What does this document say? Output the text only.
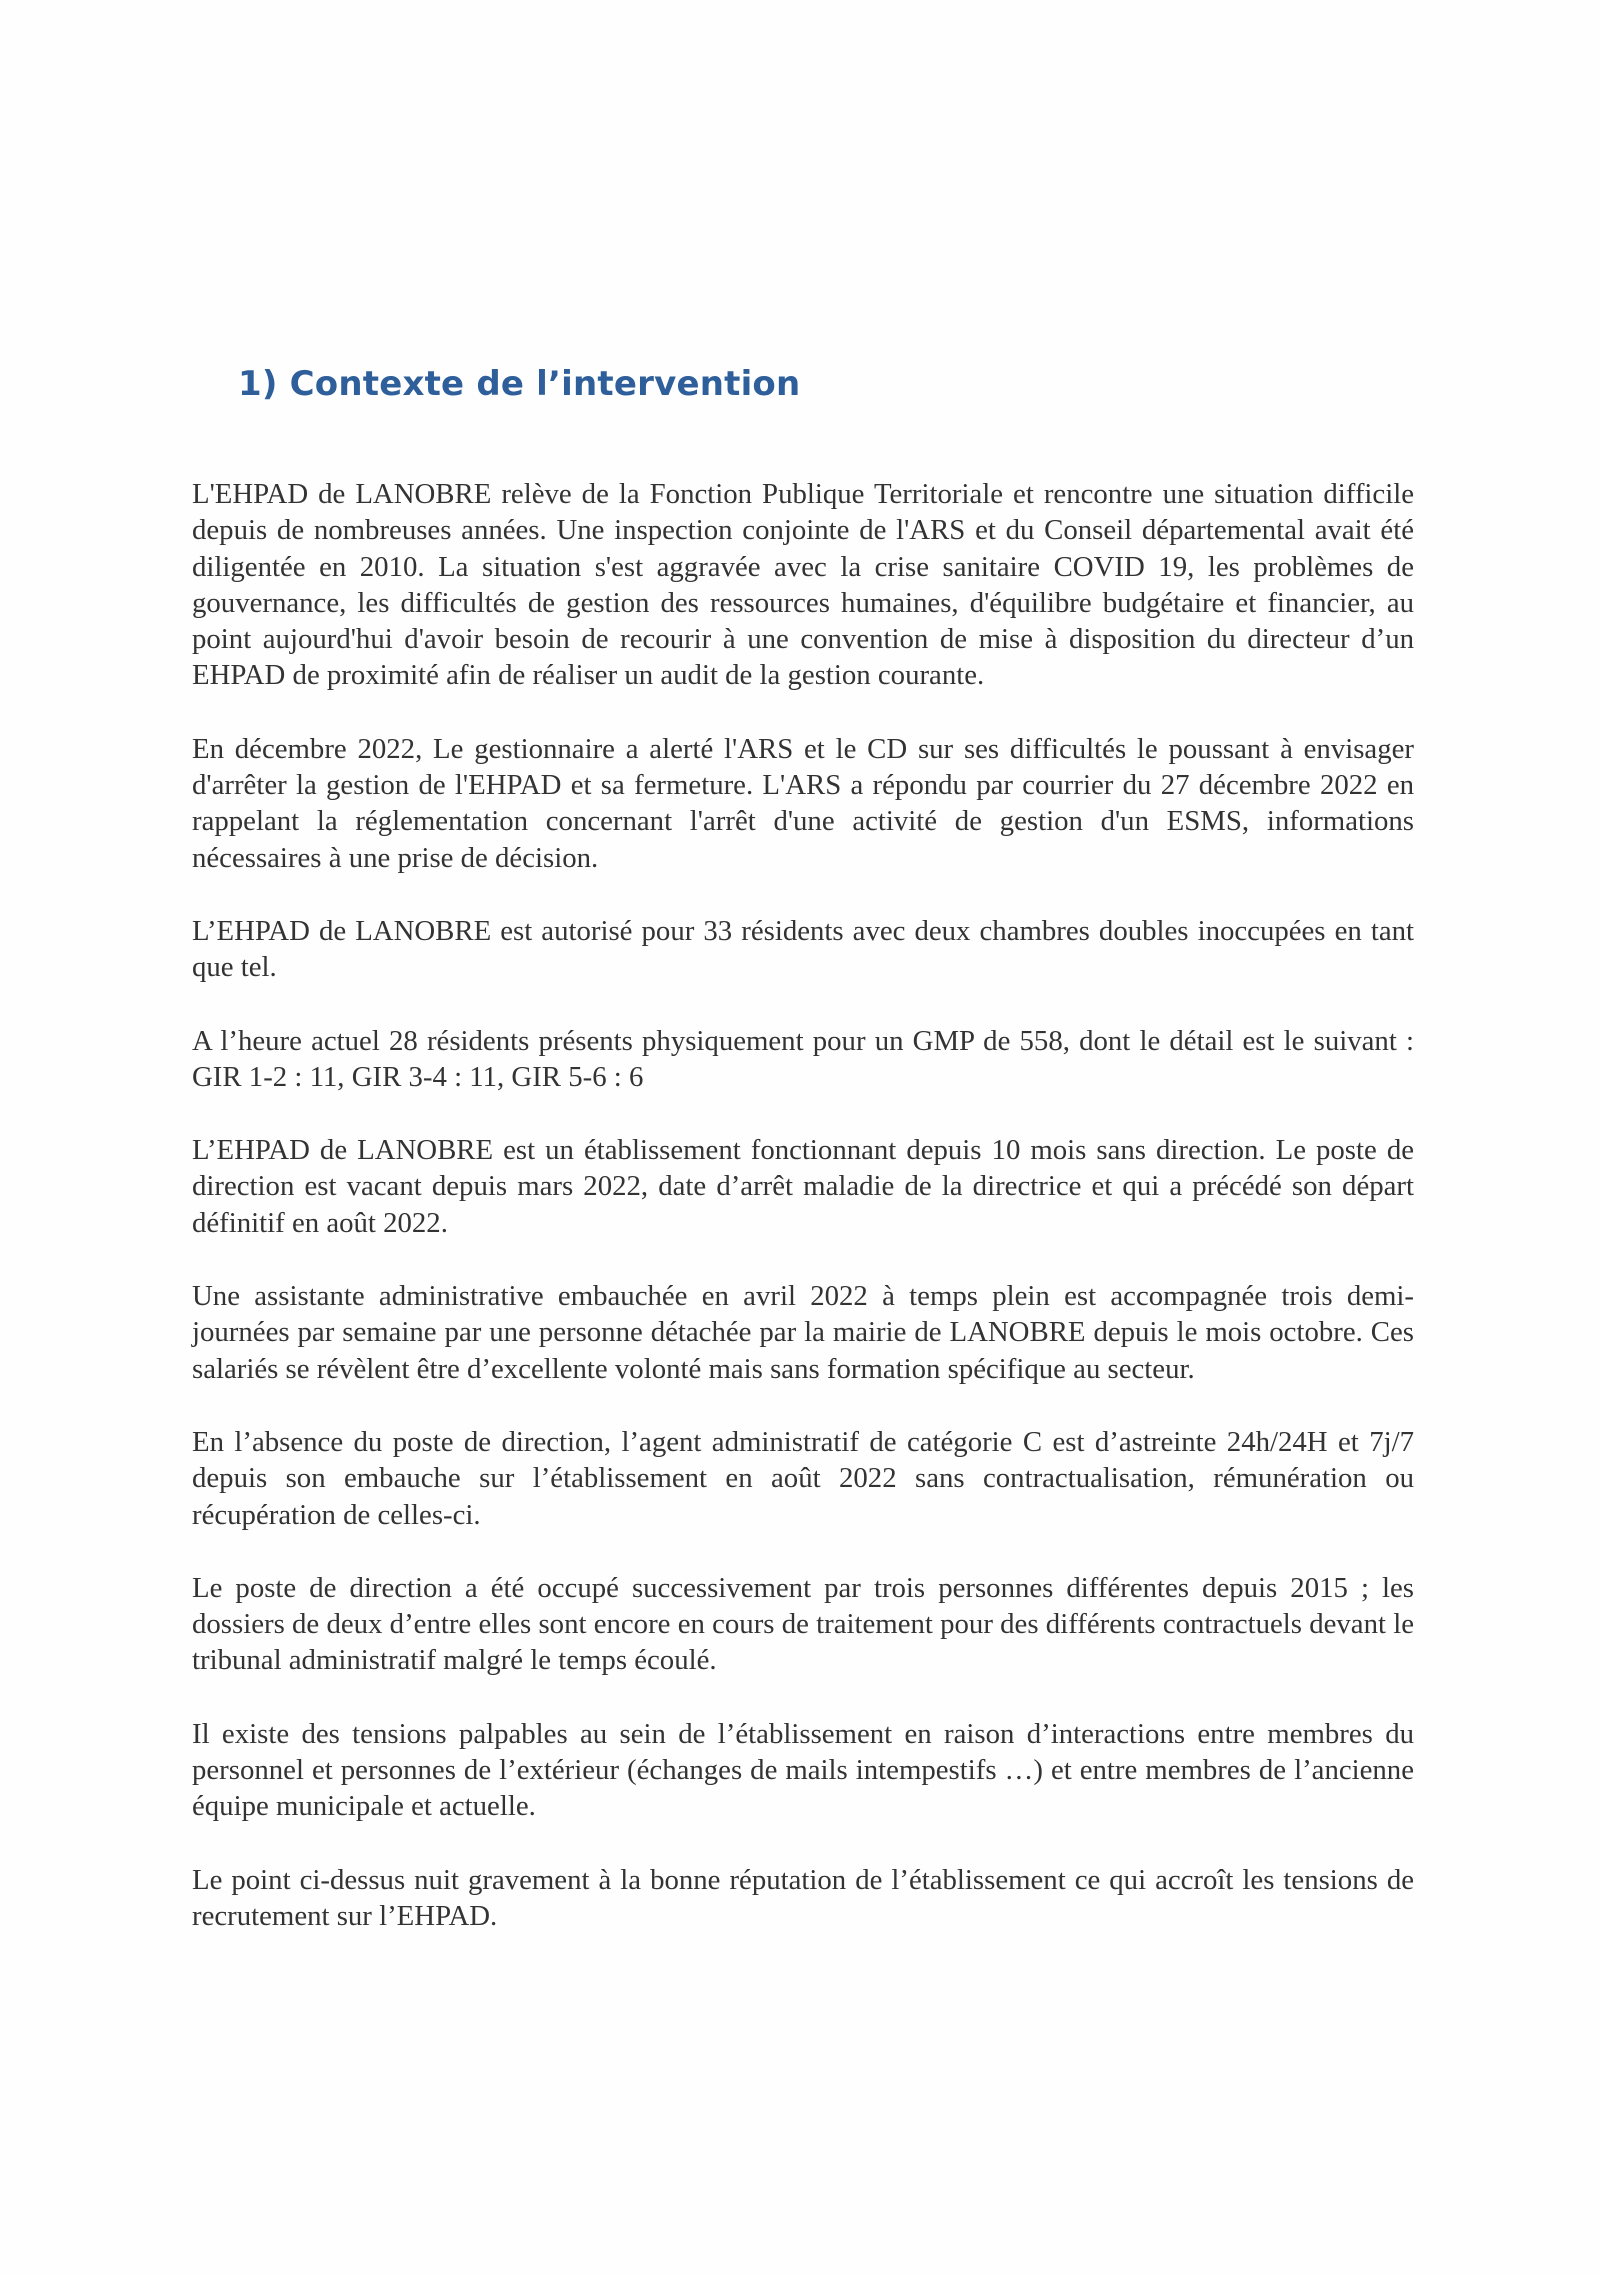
1) Contexte de l’intervention

L'EHPAD de LANOBRE relève de la Fonction Publique Territoriale et rencontre une situation difficile depuis de nombreuses années. Une inspection conjointe de l'ARS et du Conseil départemental avait été diligentée en 2010. La situation s'est aggravée avec la crise sanitaire COVID 19, les problèmes de gouvernance, les difficultés de gestion des ressources humaines, d'équilibre budgétaire et financier, au point aujourd'hui d'avoir besoin de recourir à une convention de mise à disposition du directeur d’un EHPAD de proximité afin de réaliser un audit de la gestion courante.

En décembre 2022, Le gestionnaire a alerté l'ARS et le CD sur ses difficultés le poussant à envisager d'arrêter la gestion de l'EHPAD et sa fermeture. L'ARS a répondu par courrier du 27 décembre 2022 en rappelant la réglementation concernant l'arrêt d'une activité de gestion d'un ESMS, informations nécessaires à une prise de décision.

L’EHPAD de LANOBRE est autorisé pour 33 résidents avec deux chambres doubles inoccupées en tant que tel.

A l’heure actuel 28 résidents présents physiquement pour un GMP de 558, dont le détail est le suivant : GIR 1-2 : 11, GIR 3-4 : 11, GIR 5-6 : 6

L’EHPAD de LANOBRE est un établissement fonctionnant depuis 10 mois sans direction. Le poste de direction est vacant depuis mars 2022, date d’arrêt maladie de la directrice et qui a précédé son départ définitif en août 2022.

Une assistante administrative embauchée en avril 2022 à temps plein est accompagnée trois demi-journées par semaine par une personne détachée par la mairie de LANOBRE depuis le mois octobre. Ces salariés se révèlent être d’excellente volonté mais sans formation spécifique au secteur.

En l’absence du poste de direction, l’agent administratif de catégorie C est d’astreinte 24h/24H et 7j/7 depuis son embauche sur l’établissement en août 2022 sans contractualisation, rémunération ou récupération de celles-ci.

Le poste de direction a été occupé successivement par trois personnes différentes depuis 2015 ; les dossiers de deux d’entre elles sont encore en cours de traitement pour des différents contractuels devant le tribunal administratif malgré le temps écoulé.

Il existe des tensions palpables au sein de l’établissement en raison d’interactions entre membres du personnel et personnes de l’extérieur (échanges de mails intempestifs …) et entre membres de l’ancienne équipe municipale et actuelle.

Le point ci-dessus nuit gravement à la bonne réputation de l’établissement ce qui accroît les tensions de recrutement sur l’EHPAD.
